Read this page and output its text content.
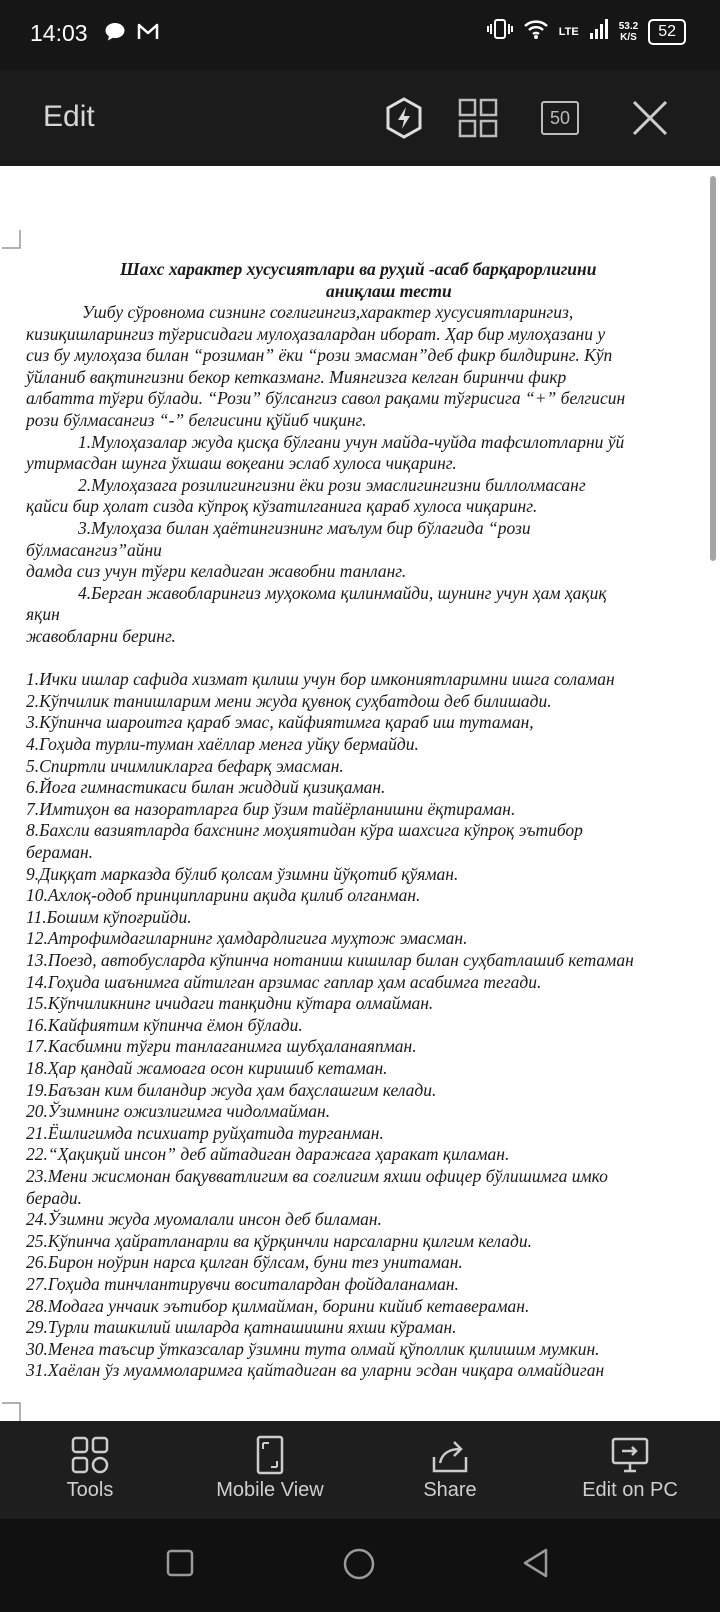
14:03	LTE	53.2
K/S	52
Edit	50
Шахс характер хусусиятлари ва руҳий -асаб барқарорлигини
аниқлаш тести
Ушбу сўровнома сизнинг соғлигингиз,характер хусусиятларингиз,
кизиқишларингиз тўғрисидаги мулоҳазалардан иборат. Ҳар бир мулоҳазани у
сиз бу мулоҳаза билан “розиман” ёки “рози эмасман”деб фикр билдиринг. Кўп
ўйланиб вақтингизни бекор кетказманг. Миянгизга келган биринчи фикр
албатта тўғри бўлади. “Рози” бўлсангиз савол рақами тўғрисига “+” белгисин
рози бўлмасангиз “-” белгисини қўйиб чиқинг.
1.Мулоҳазалар жуда қисқа бўлгани учун майда-чуйда тафсилотларни ўй
утирмасдан шунга ўхшаш воқеани эслаб хулоса чиқаринг.
2.Мулоҳазага розилигингизни ёки рози эмаслигингизни биллолмасанг
қайси бир ҳолат сизда кўпроқ кўзатилганига қараб хулоса чиқаринг.
3.Мулоҳаза билан ҳаётингизнинг маълум бир бўлагида “рози
бўлмасангиз”айни
дамда сиз учун тўғри келадиган жавобни танланг.
4.Берган жавобларингиз муҳокома қилинмайди, шунинг учун ҳам ҳақиқ
яқин
жавобларни беринг.
1.Ички ишлар сафида хизмат қилиш учун бор имкониятларимни ишга соламан
2.Кўпчилик танишларим мени жуда қувноқ суҳбатдош деб билишади.
3.Кўпинча шароитга қараб эмас, кайфиятимга қараб иш тутаман,
4.Гоҳида турли-туман хаёллар менга уйқу бермайди.
5.Спиртли ичимликларга бефарқ эмасман.
6.Йога гимнастикаси билан жиддий қизиқаман.
7.Имтиҳон ва назоратларга бир ўзим тайёрланишни ёқтираман.
8.Бахсли вазиятларда бахснинг моҳиятидан кўра шахсига кўпроқ эътибор
бераман.
9.Диққат марказда бўлиб қолсам ўзимни йўқотиб қўяман.
10.Ахлоқ-одоб принципларини ақида қилиб олганман.
11.Бошим кўпоғрийди.
12.Атрофимдагиларнинг ҳамдардлигига муҳтож эмасман.
13.Поезд, автобусларда кўпинча нотаниш кишилар билан суҳбатлашиб кетаман
14.Гоҳида шаънимга айтилган арзимас гаплар ҳам асабимга тегади.
15.Кўпчиликнинг ичидаги танқидни кўтара олмайман.
16.Кайфиятим кўпинча ёмон бўлади.
17.Касбимни тўғри танлаганимга шубҳаланаяпман.
18.Ҳар қандай жамоага осон киришиб кетаман.
19.Баъзан ким биландир жуда ҳам баҳслашгим келади.
20.Ўзимнинг ожизлигимга чидолмайман.
21.Ёшлигимда психиатр руйҳатида турганман.
22.“Ҳақиқий инсон” деб айтадиган даражага ҳаракат қиламан.
23.Мени жисмонан бақувватлигим ва соғлигим яхши офицер бўлишимга имко
беради.
24.Ўзимни жуда муомалали инсон деб биламан.
25.Кўпинча ҳайратланарли ва қўрқинчли нарсаларни қилгим келади.
26.Бирон ноўрин нарса қилган бўлсам, буни тез унитаман.
27.Гоҳида тинчлантирувчи воситалардан фойдаланаман.
28.Модага унчаик эътибор қилмайман, борини кийиб кетавераман.
29.Турли ташкилий ишларда қатнашишни яхши кўраман.
30.Менга таъсир ўтказсалар ўзимни тута олмай қўполлик қилишим мумкин.
31.Хаёлан ўз муаммоларимга қайтадиган ва уларни эсдан чиқара олмайдиган
Tools	Mobile View	Share	Edit on PC
